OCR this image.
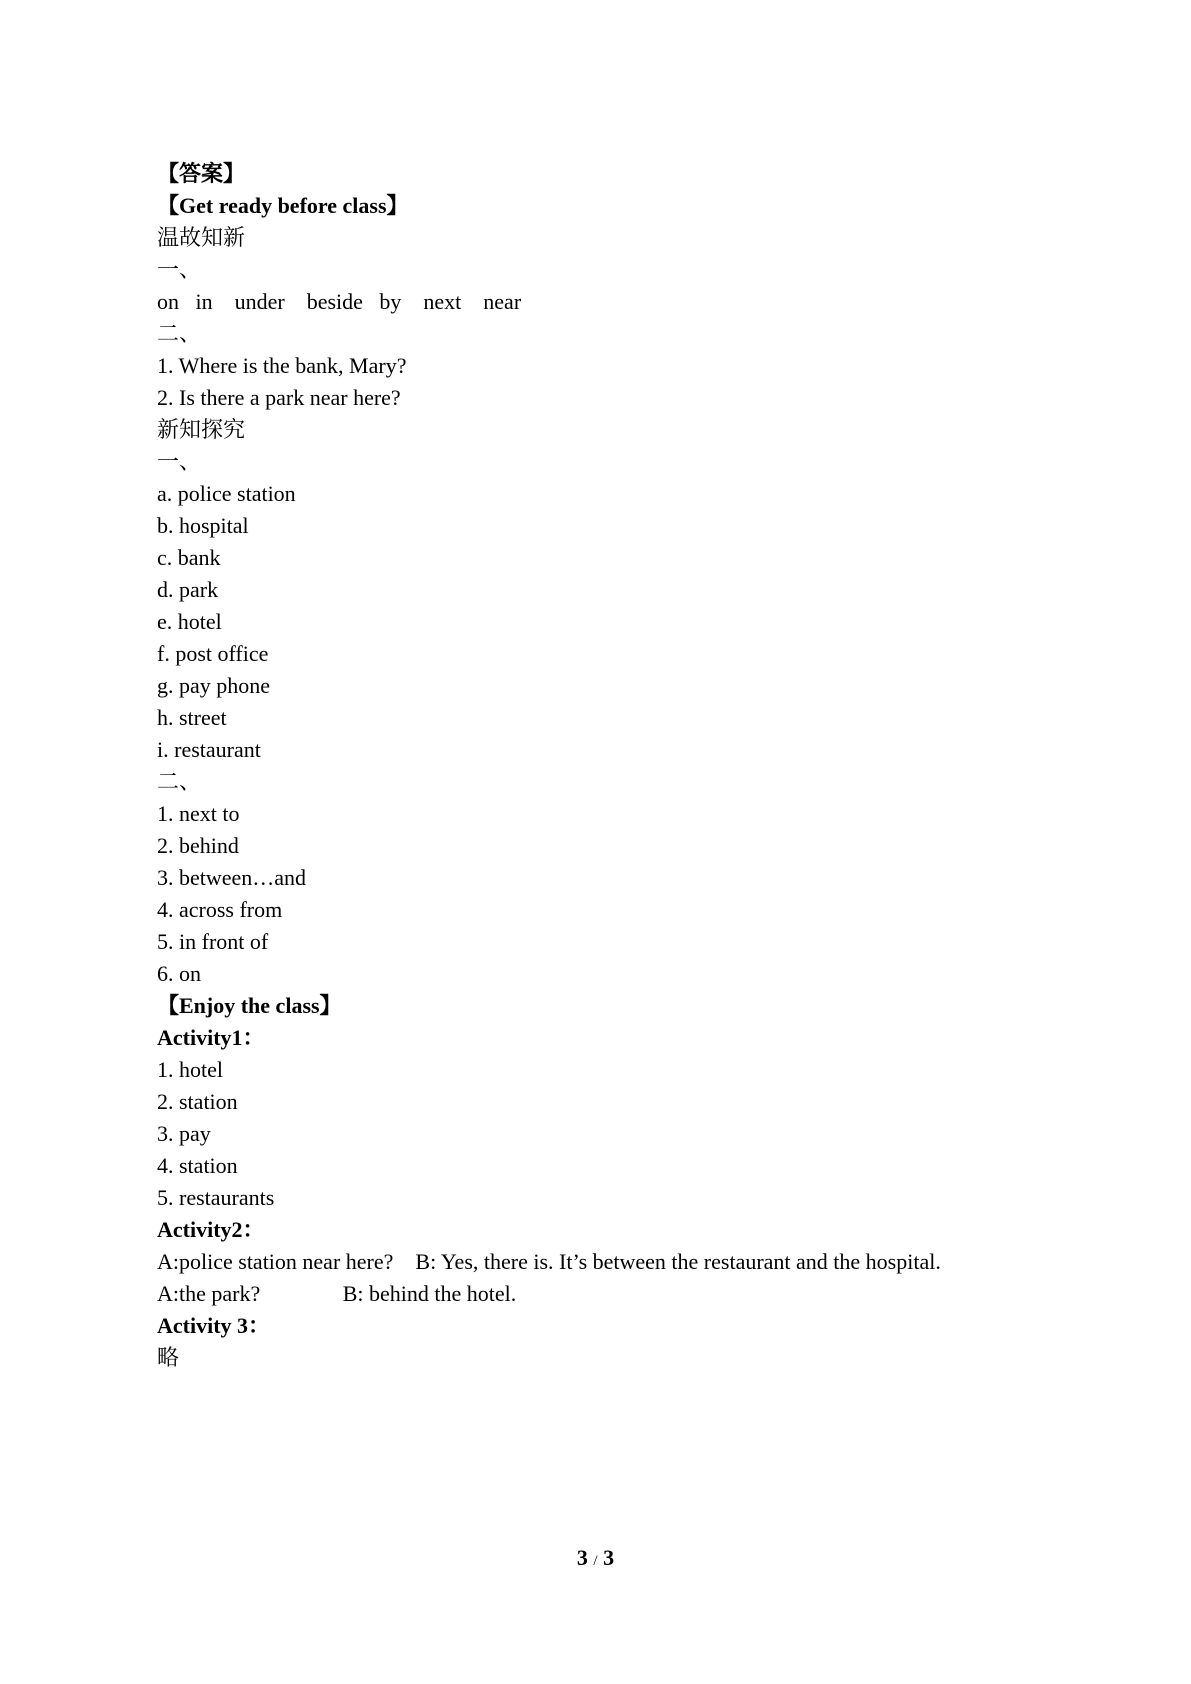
【答案】
【Get ready before class】
温故知新
一、
on   in    under    beside   by    next    near
二、
1. Where is the bank, Mary?
2. Is there a park near here?
新知探究
一、
a. police station
b. hospital
c. bank
d. park
e. hotel
f. post office
g. pay phone
h. street
i. restaurant
二、
1. next to
2. behind
3. between…and
4. across from
5. in front of
6. on
【Enjoy the class】
Activity1：
1. hotel
2. station
3. pay
4. station
5. restaurants
Activity2：
A:police station near here?    B: Yes, there is. It’s between the restaurant and the hospital.
A:the park?               B: behind the hotel.
Activity 3：
略
3 / 3
